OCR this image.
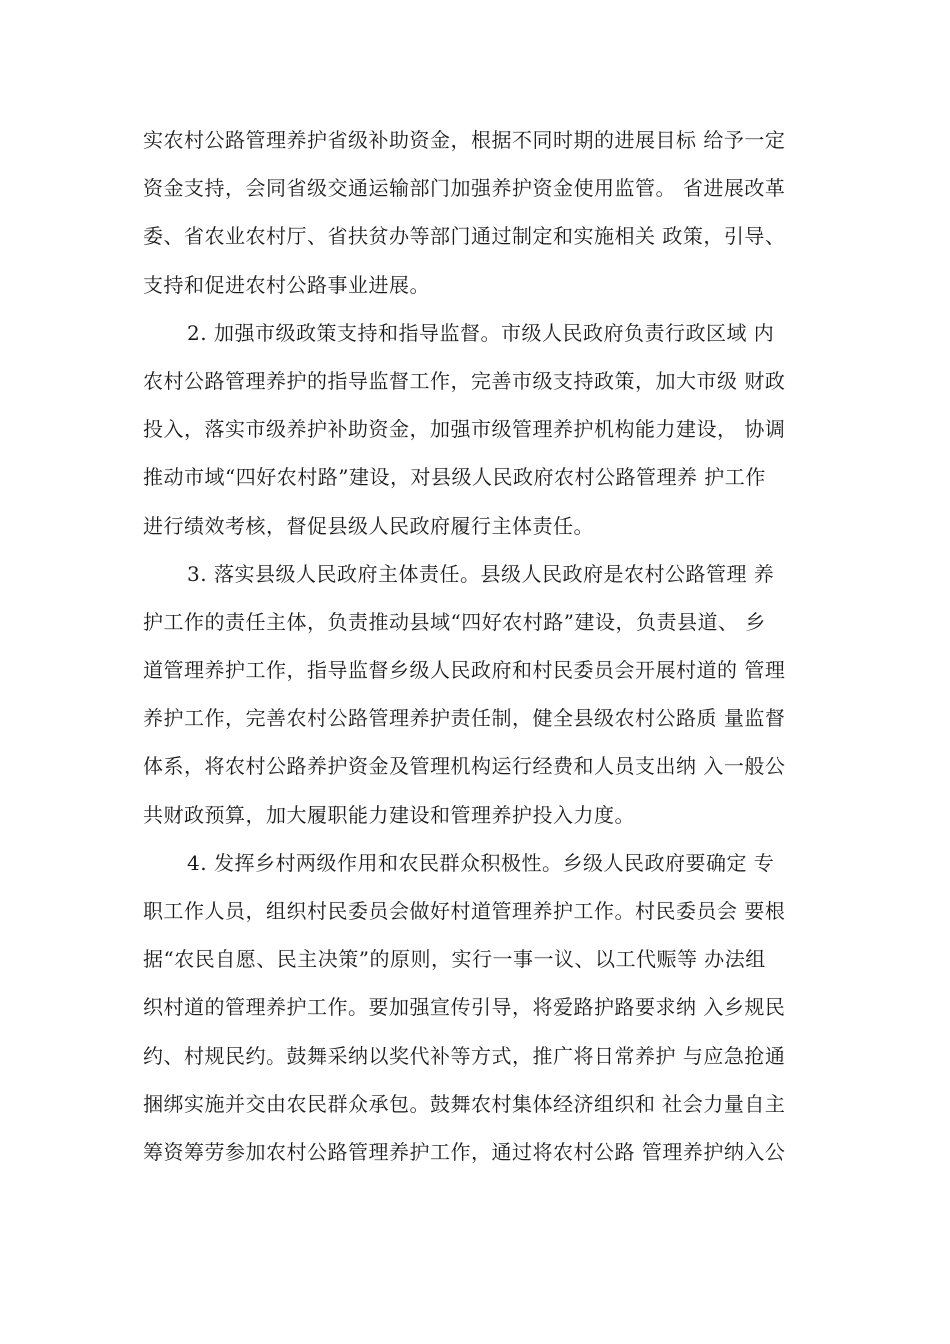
实农村公路管理养护省级补助资金，根据不同时期的进展目标 给予一定
资金支持，会同省级交通运输部门加强养护资金使用监管。 省进展改革
委、省农业农村厅、省扶贫办等部门通过制定和实施相关 政策，引导、
支持和促进农村公路事业进展。
2. 加强市级政策支持和指导监督。市级人民政府负责行政区域 内
农村公路管理养护的指导监督工作，完善市级支持政策，加大市级 财政
投入，落实市级养护补助资金，加强市级管理养护机构能力建设， 协调
推动市域“四好农村路”建设，对县级人民政府农村公路管理养 护工作
进行绩效考核，督促县级人民政府履行主体责任。
3. 落实县级人民政府主体责任。县级人民政府是农村公路管理 养
护工作的责任主体，负责推动县域“四好农村路”建设，负责县道、 乡
道管理养护工作，指导监督乡级人民政府和村民委员会开展村道的 管理
养护工作，完善农村公路管理养护责任制，健全县级农村公路质 量监督
体系，将农村公路养护资金及管理机构运行经费和人员支出纳 入一般公
共财政预算，加大履职能力建设和管理养护投入力度。
4. 发挥乡村两级作用和农民群众积极性。乡级人民政府要确定 专
职工作人员，组织村民委员会做好村道管理养护工作。村民委员会 要根
据“农民自愿、民主决策”的原则，实行一事一议、以工代赈等 办法组
织村道的管理养护工作。要加强宣传引导，将爱路护路要求纳 入乡规民
约、村规民约。鼓舞采纳以奖代补等方式，推广将日常养护 与应急抢通
捆绑实施并交由农民群众承包。鼓舞农村集体经济组织和 社会力量自主
筹资筹劳参加农村公路管理养护工作，通过将农村公路 管理养护纳入公
